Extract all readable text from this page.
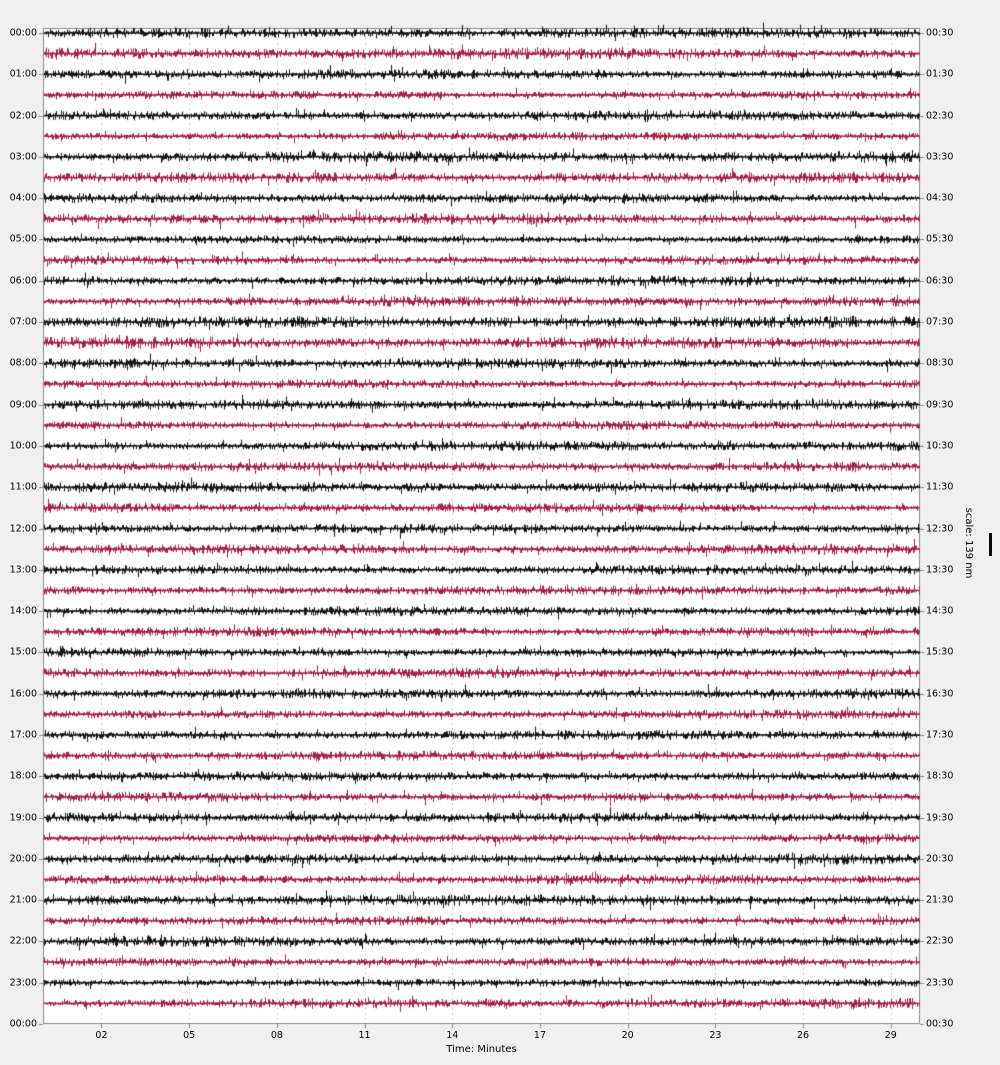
00:00
01:00
02:00
03:00
04:00
05:00
06:00
07:00
08:00
09:00
10:00
11:00
12:00
13:00
14:00
15:00
16:00
17:00
18:00
19:00
20:00
21:00
22:00
23:00
00:00
00:30
01:30
02:30
03:30
04:30
05:30
06:30
07:30
08:30
09:30
10:30
11:30
12:30
13:30
14:30
15:30
16:30
17:30
18:30
19:30
20:30
21:30
22:30
23:30
00:30
02	05	08	11	14	17	20	23	26	29
Time: Minutes
scale: 139 nm
